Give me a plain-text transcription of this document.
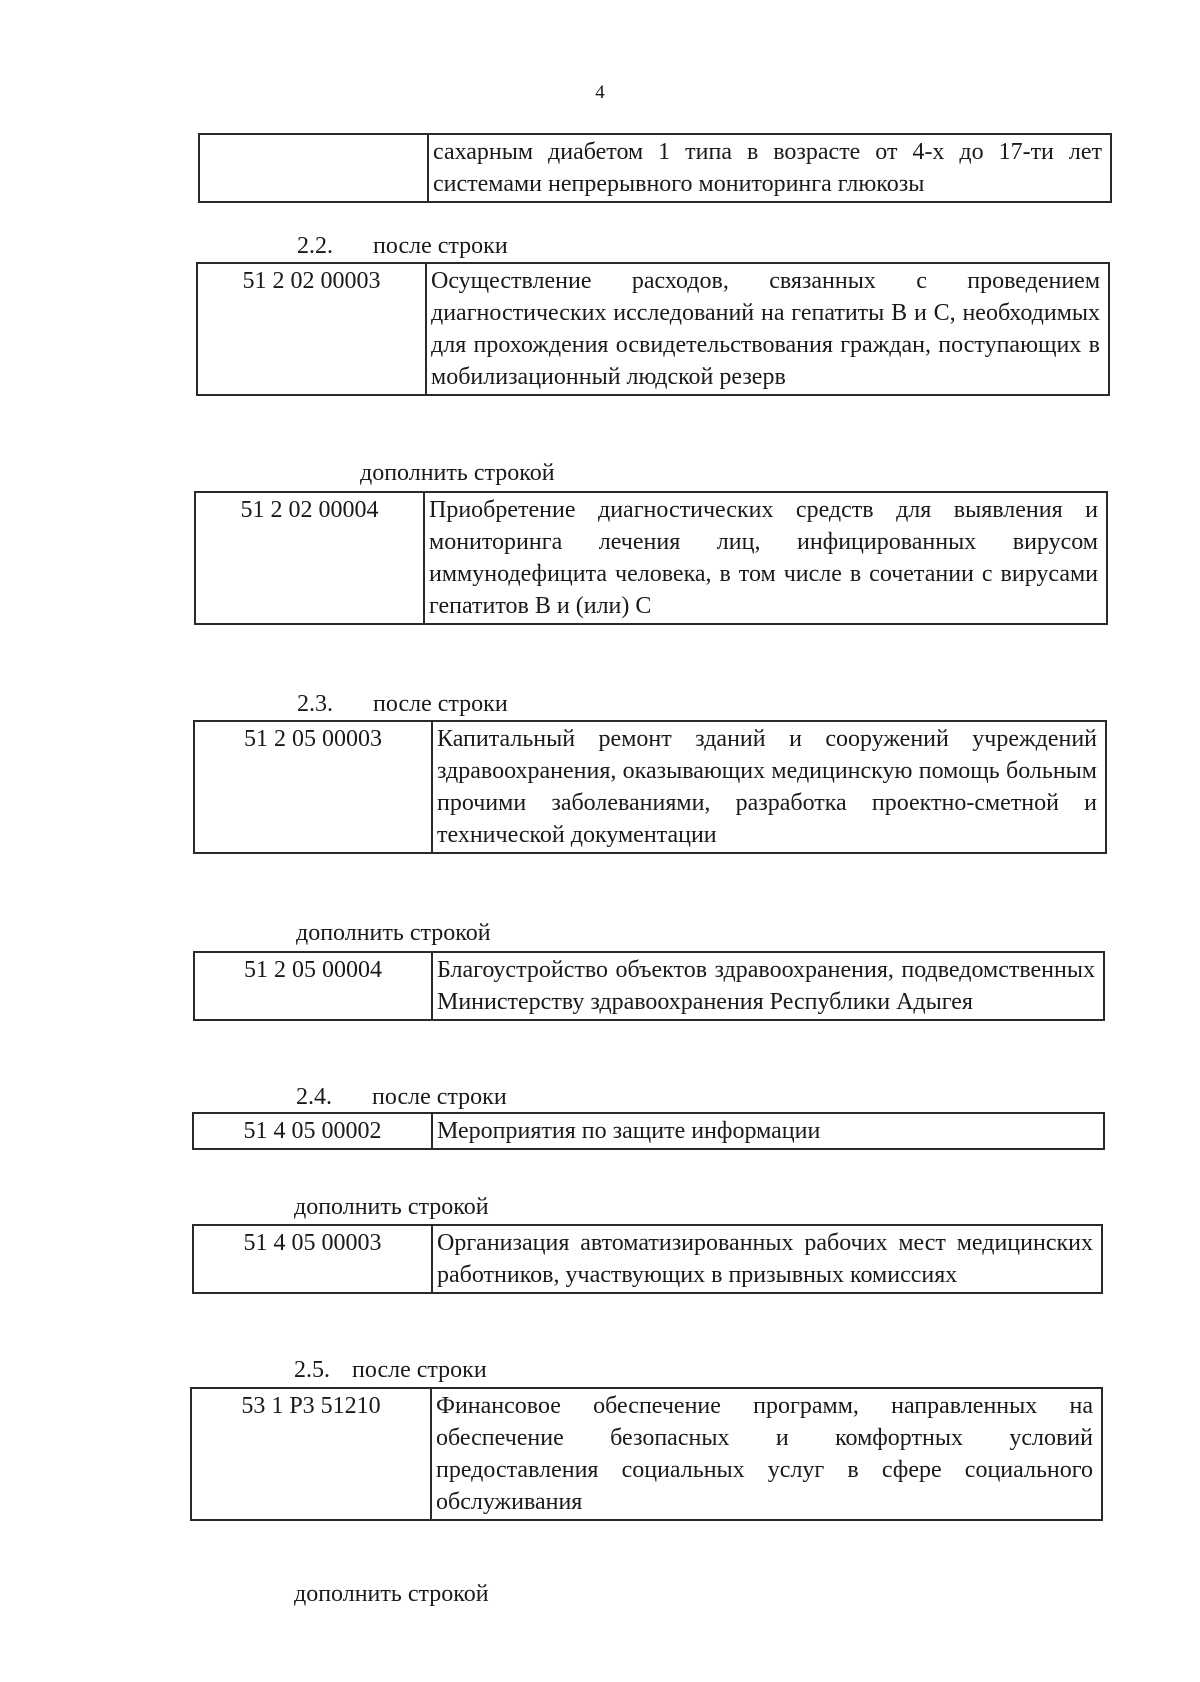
4
	сахарным диабетом 1 типа в возрасте от 4-х до 17-ти лет системами непрерывного мониторинга глюкозы
2.2. после строки
51 2 02 00003	Осуществление расходов, связанных с проведением диагностических исследований на гепатиты В и С, необходимых для прохождения освидетельствования граждан, поступающих в мобилизационный людской резерв
дополнить строкой
51 2 02 00004	Приобретение диагностических средств для выявления и мониторинга лечения лиц, инфицированных вирусом иммунодефицита человека, в том числе в сочетании с вирусами гепатитов В и (или) С
2.3. после строки
51 2 05 00003	Капитальный ремонт зданий и сооружений учреждений здравоохранения, оказывающих медицинскую помощь больным прочими заболеваниями, разработка проектно-сметной и технической документации
дополнить строкой
51 2 05 00004	Благоустройство объектов здравоохранения, подведомственных Министерству здравоохранения Республики Адыгея
2.4. после строки
51 4 05 00002	Мероприятия по защите информации
дополнить строкой
51 4 05 00003	Организация автоматизированных рабочих мест медицинских работников, участвующих в призывных комиссиях
2.5. после строки
53 1 Р3 51210	Финансовое обеспечение программ, направленных на обеспечение безопасных и комфортных условий предоставления социальных услуг в сфере социального обслуживания
дополнить строкой
